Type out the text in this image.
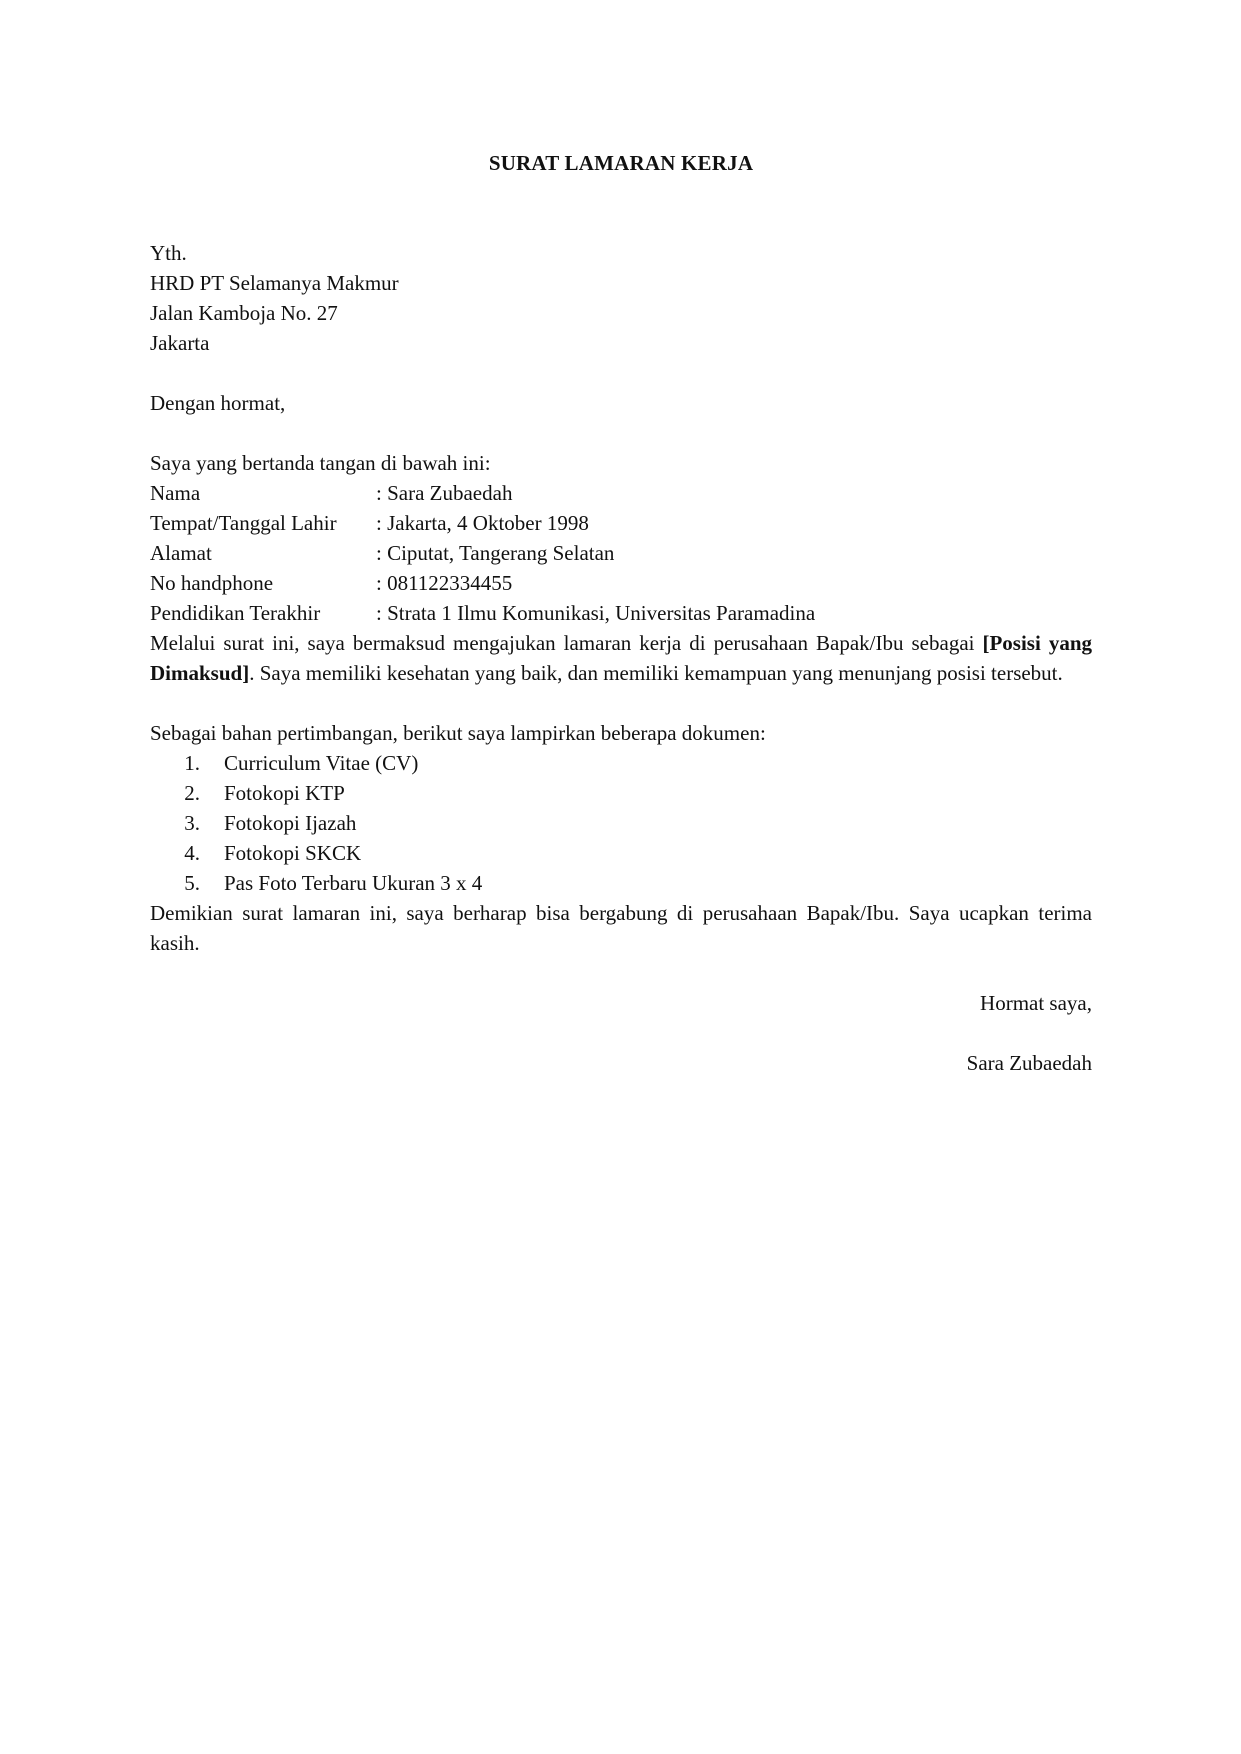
SURAT LAMARAN KERJA
Yth.
HRD PT Selamanya Makmur
Jalan Kamboja No. 27
Jakarta
Dengan hormat,
Saya yang bertanda tangan di bawah ini:
Nama	: Sara Zubaedah
Tempat/Tanggal Lahir	: Jakarta, 4 Oktober 1998
Alamat	: Ciputat, Tangerang Selatan
No handphone	: 081122334455
Pendidikan Terakhir	: Strata 1 Ilmu Komunikasi, Universitas Paramadina

Melalui surat ini, saya bermaksud mengajukan lamaran kerja di perusahaan Bapak/Ibu sebagai [Posisi yang Dimaksud]. Saya memiliki kesehatan yang baik, dan memiliki kemampuan yang menunjang posisi tersebut.

Sebagai bahan pertimbangan, berikut saya lampirkan beberapa dokumen:
1.	Curriculum Vitae (CV)
2.	Fotokopi KTP
3.	Fotokopi Ijazah
4.	Fotokopi SKCK
5.	Pas Foto Terbaru Ukuran 3 x 4

Demikian surat lamaran ini, saya berharap bisa bergabung di perusahaan Bapak/Ibu. Saya ucapkan terima kasih.

Hormat saya,
Sara Zubaedah
